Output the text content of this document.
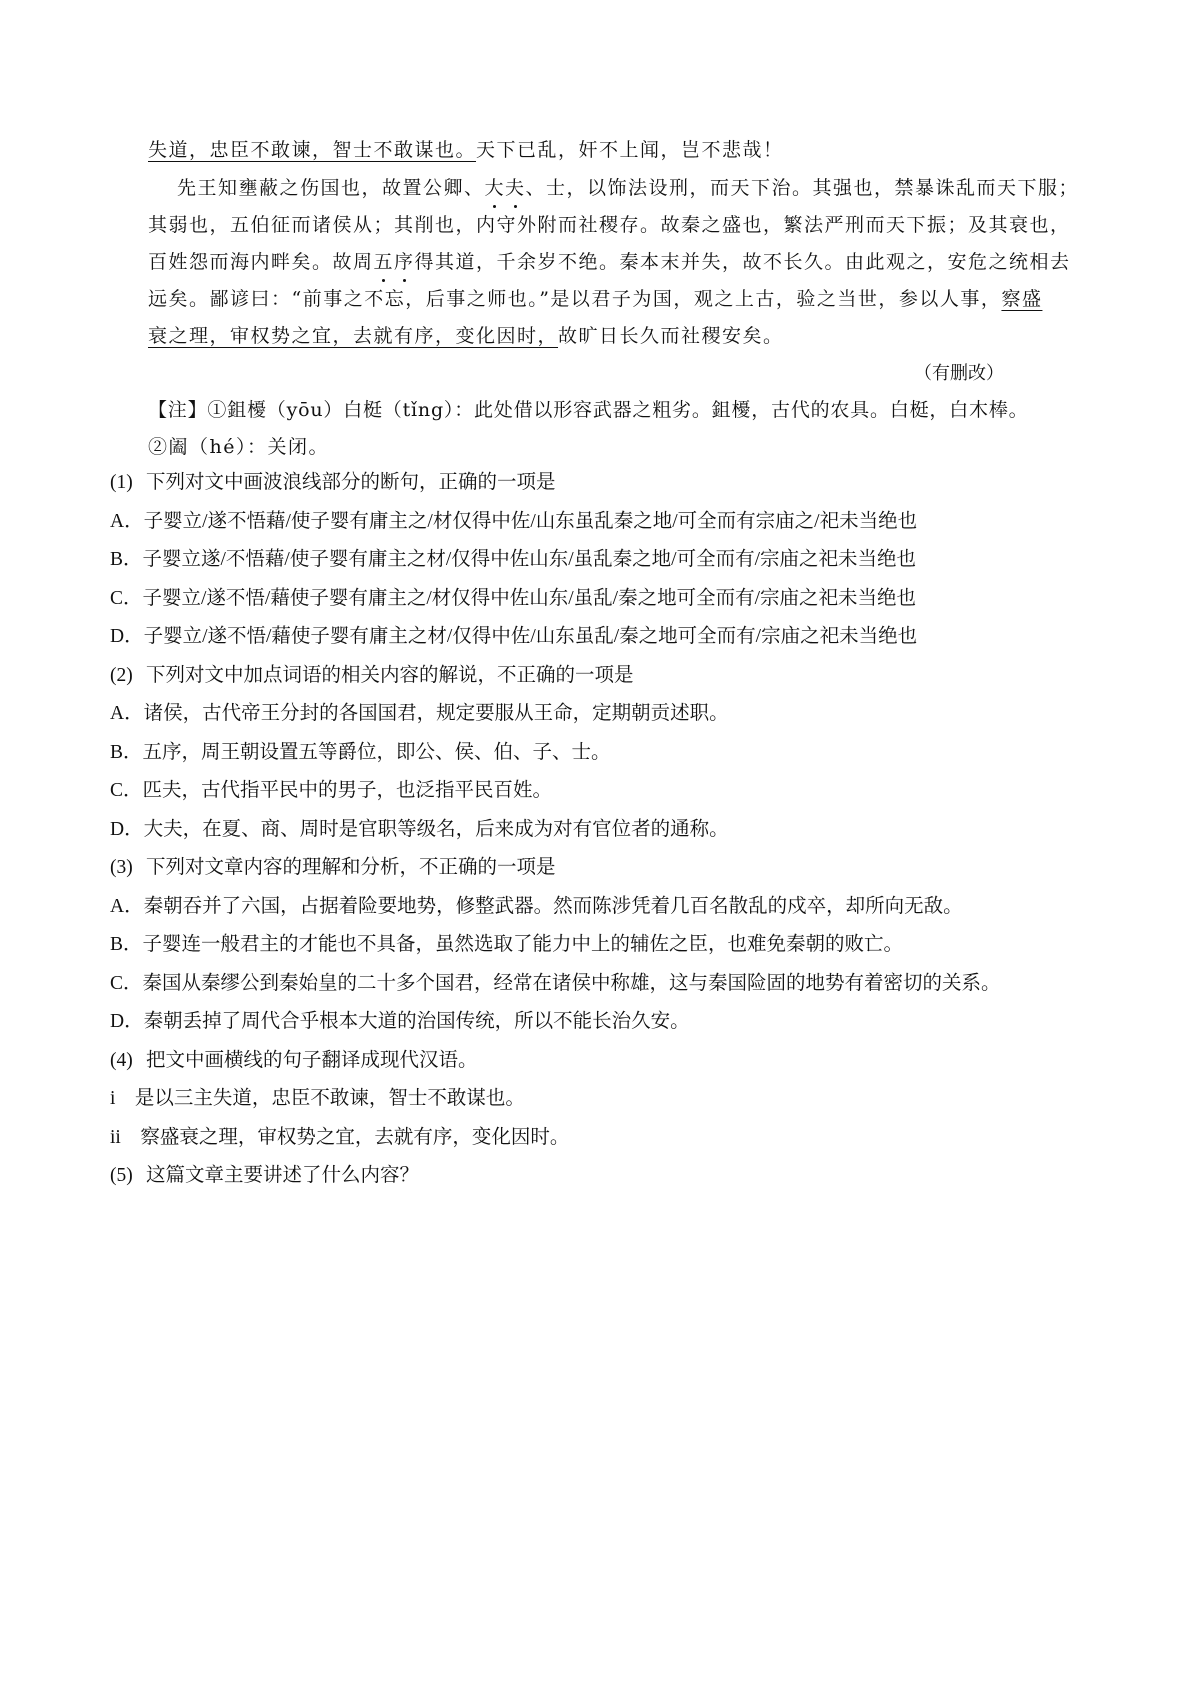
失道，忠臣不敢谏，智士不敢谋也。天下已乱，奸不上闻，岂不悲哉！
先王知壅蔽之伤国也，故置公卿、大夫、士，以饰法设刑，而天下治。其强也，禁暴诛乱而天下服；
其弱也，五伯征而诸侯从；其削也，内守外附而社稷存。故秦之盛也，繁法严刑而天下振；及其衰也，
百姓怨而海内畔矣。故周五序得其道，千余岁不绝。秦本末并失，故不长久。由此观之，安危之统相去
远矣。鄙谚曰：“前事之不忘，后事之师也。”是以君子为国，观之上古，验之当世，参以人事，察盛
衰之理，审权势之宜，去就有序，变化因时，故旷日长久而社稷安矣。
（有删改）
【注】①鉏櫌（yōu）白梃（tǐng）：此处借以形容武器之粗劣。鉏櫌，古代的农具。白梃，白木棒。
②阖（hé）：关闭。
(1) 下列对文中画波浪线部分的断句，正确的一项是
A．子婴立/遂不悟藉/使子婴有庸主之/材仅得中佐/山东虽乱秦之地/可全而有宗庙之/祀未当绝也
B．子婴立遂/不悟藉/使子婴有庸主之材/仅得中佐山东/虽乱秦之地/可全而有/宗庙之祀未当绝也
C．子婴立/遂不悟/藉使子婴有庸主之/材仅得中佐山东/虽乱/秦之地可全而有/宗庙之祀未当绝也
D．子婴立/遂不悟/藉使子婴有庸主之材/仅得中佐/山东虽乱/秦之地可全而有/宗庙之祀未当绝也
(2) 下列对文中加点词语的相关内容的解说，不正确的一项是
A．诸侯，古代帝王分封的各国国君，规定要服从王命，定期朝贡述职。
B．五序，周王朝设置五等爵位，即公、侯、伯、子、士。
C．匹夫，古代指平民中的男子，也泛指平民百姓。
D．大夫，在夏、商、周时是官职等级名，后来成为对有官位者的通称。
(3) 下列对文章内容的理解和分析，不正确的一项是
A．秦朝吞并了六国，占据着险要地势，修整武器。然而陈涉凭着几百名散乱的戍卒，却所向无敌。
B．子婴连一般君主的才能也不具备，虽然选取了能力中上的辅佐之臣，也难免秦朝的败亡。
C．秦国从秦缪公到秦始皇的二十多个国君，经常在诸侯中称雄，这与秦国险固的地势有着密切的关系。
D．秦朝丢掉了周代合乎根本大道的治国传统，所以不能长治久安。
(4) 把文中画横线的句子翻译成现代汉语。
i　是以三主失道，忠臣不敢谏，智士不敢谋也。
ii　察盛衰之理，审权势之宜，去就有序，变化因时。
(5) 这篇文章主要讲述了什么内容？
